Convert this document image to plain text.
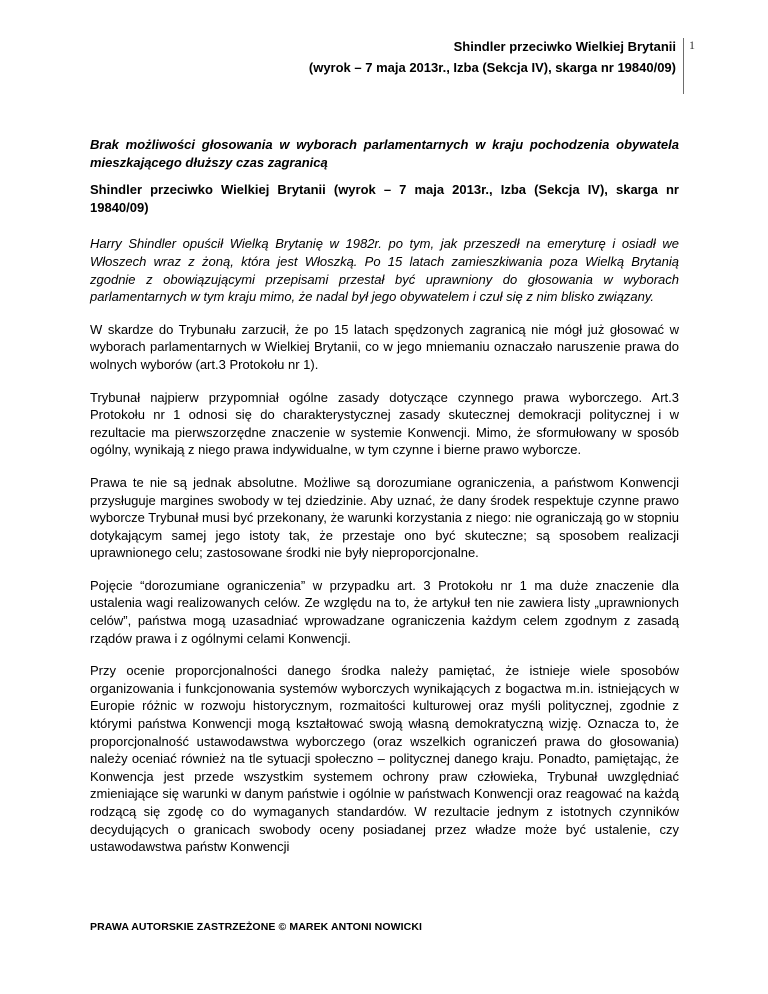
Shindler przeciwko Wielkiej Brytanii
(wyrok – 7 maja 2013r., Izba (Sekcja IV), skarga nr 19840/09)
1

Brak możliwości głosowania w wyborach parlamentarnych w kraju pochodzenia obywatela mieszkającego dłuższy czas zagranicą

Shindler przeciwko Wielkiej Brytanii (wyrok – 7 maja 2013r., Izba (Sekcja IV), skarga nr 19840/09)

Harry Shindler opuścił Wielką Brytanię w 1982r. po tym, jak przeszedł na emeryturę i osiadł we Włoszech wraz z żoną, która jest Włoszką. Po 15 latach zamieszkiwania poza Wielką Brytanią zgodnie z obowiązującymi przepisami przestał być uprawniony do głosowania w wyborach parlamentarnych w tym kraju mimo, że nadal był jego obywatelem i czuł się z nim blisko związany.

W skardze do Trybunału zarzucił, że po 15 latach spędzonych zagranicą nie mógł już głosować w wyborach parlamentarnych w Wielkiej Brytanii, co w jego mniemaniu oznaczało naruszenie prawa do wolnych wyborów (art.3 Protokołu nr 1).

Trybunał najpierw przypomniał ogólne zasady dotyczące czynnego prawa wyborczego. Art.3 Protokołu nr 1 odnosi się do charakterystycznej zasady skutecznej demokracji politycznej i w rezultacie ma pierwszorzędne znaczenie w systemie Konwencji. Mimo, że sformułowany w sposób ogólny, wynikają z niego prawa indywidualne, w tym czynne i bierne prawo wyborcze.

Prawa te nie są jednak absolutne. Możliwe są dorozumiane ograniczenia, a państwom Konwencji przysługuje margines swobody w tej dziedzinie. Aby uznać, że dany środek respektuje czynne prawo wyborcze Trybunał musi być przekonany, że warunki korzystania z niego: nie ograniczają go w stopniu dotykającym samej jego istoty tak, że przestaje ono być skuteczne; są sposobem realizacji uprawnionego celu; zastosowane środki nie były nieproporcjonalne.

Pojęcie “dorozumiane ograniczenia” w przypadku art. 3 Protokołu nr 1 ma duże znaczenie dla ustalenia wagi realizowanych celów. Ze względu na to, że artykuł ten nie zawiera listy „uprawnionych celów”, państwa mogą uzasadniać wprowadzane ograniczenia każdym celem zgodnym z zasadą rządów prawa i z ogólnymi celami Konwencji.

Przy ocenie proporcjonalności danego środka należy pamiętać, że istnieje wiele sposobów organizowania i funkcjonowania systemów wyborczych wynikających z bogactwa m.in. istniejących w Europie różnic w rozwoju historycznym, rozmaitości kulturowej oraz myśli politycznej, zgodnie z którymi państwa Konwencji mogą kształtować swoją własną demokratyczną wizję. Oznacza to, że proporcjonalność ustawodawstwa wyborczego (oraz wszelkich ograniczeń prawa do głosowania) należy oceniać również na tle sytuacji społeczno – politycznej danego kraju. Ponadto, pamiętając, że Konwencja jest przede wszystkim systemem ochrony praw człowieka, Trybunał uwzględniać zmieniające się warunki w danym państwie i ogólnie w państwach Konwencji oraz reagować na każdą rodzącą się zgodę co do wymaganych standardów. W rezultacie jednym z istotnych czynników decydujących o granicach swobody oceny posiadanej przez władze może być ustalenie, czy ustawodawstwa państw Konwencji

PRAWA AUTORSKIE ZASTRZEŻONE © MAREK ANTONI NOWICKI
